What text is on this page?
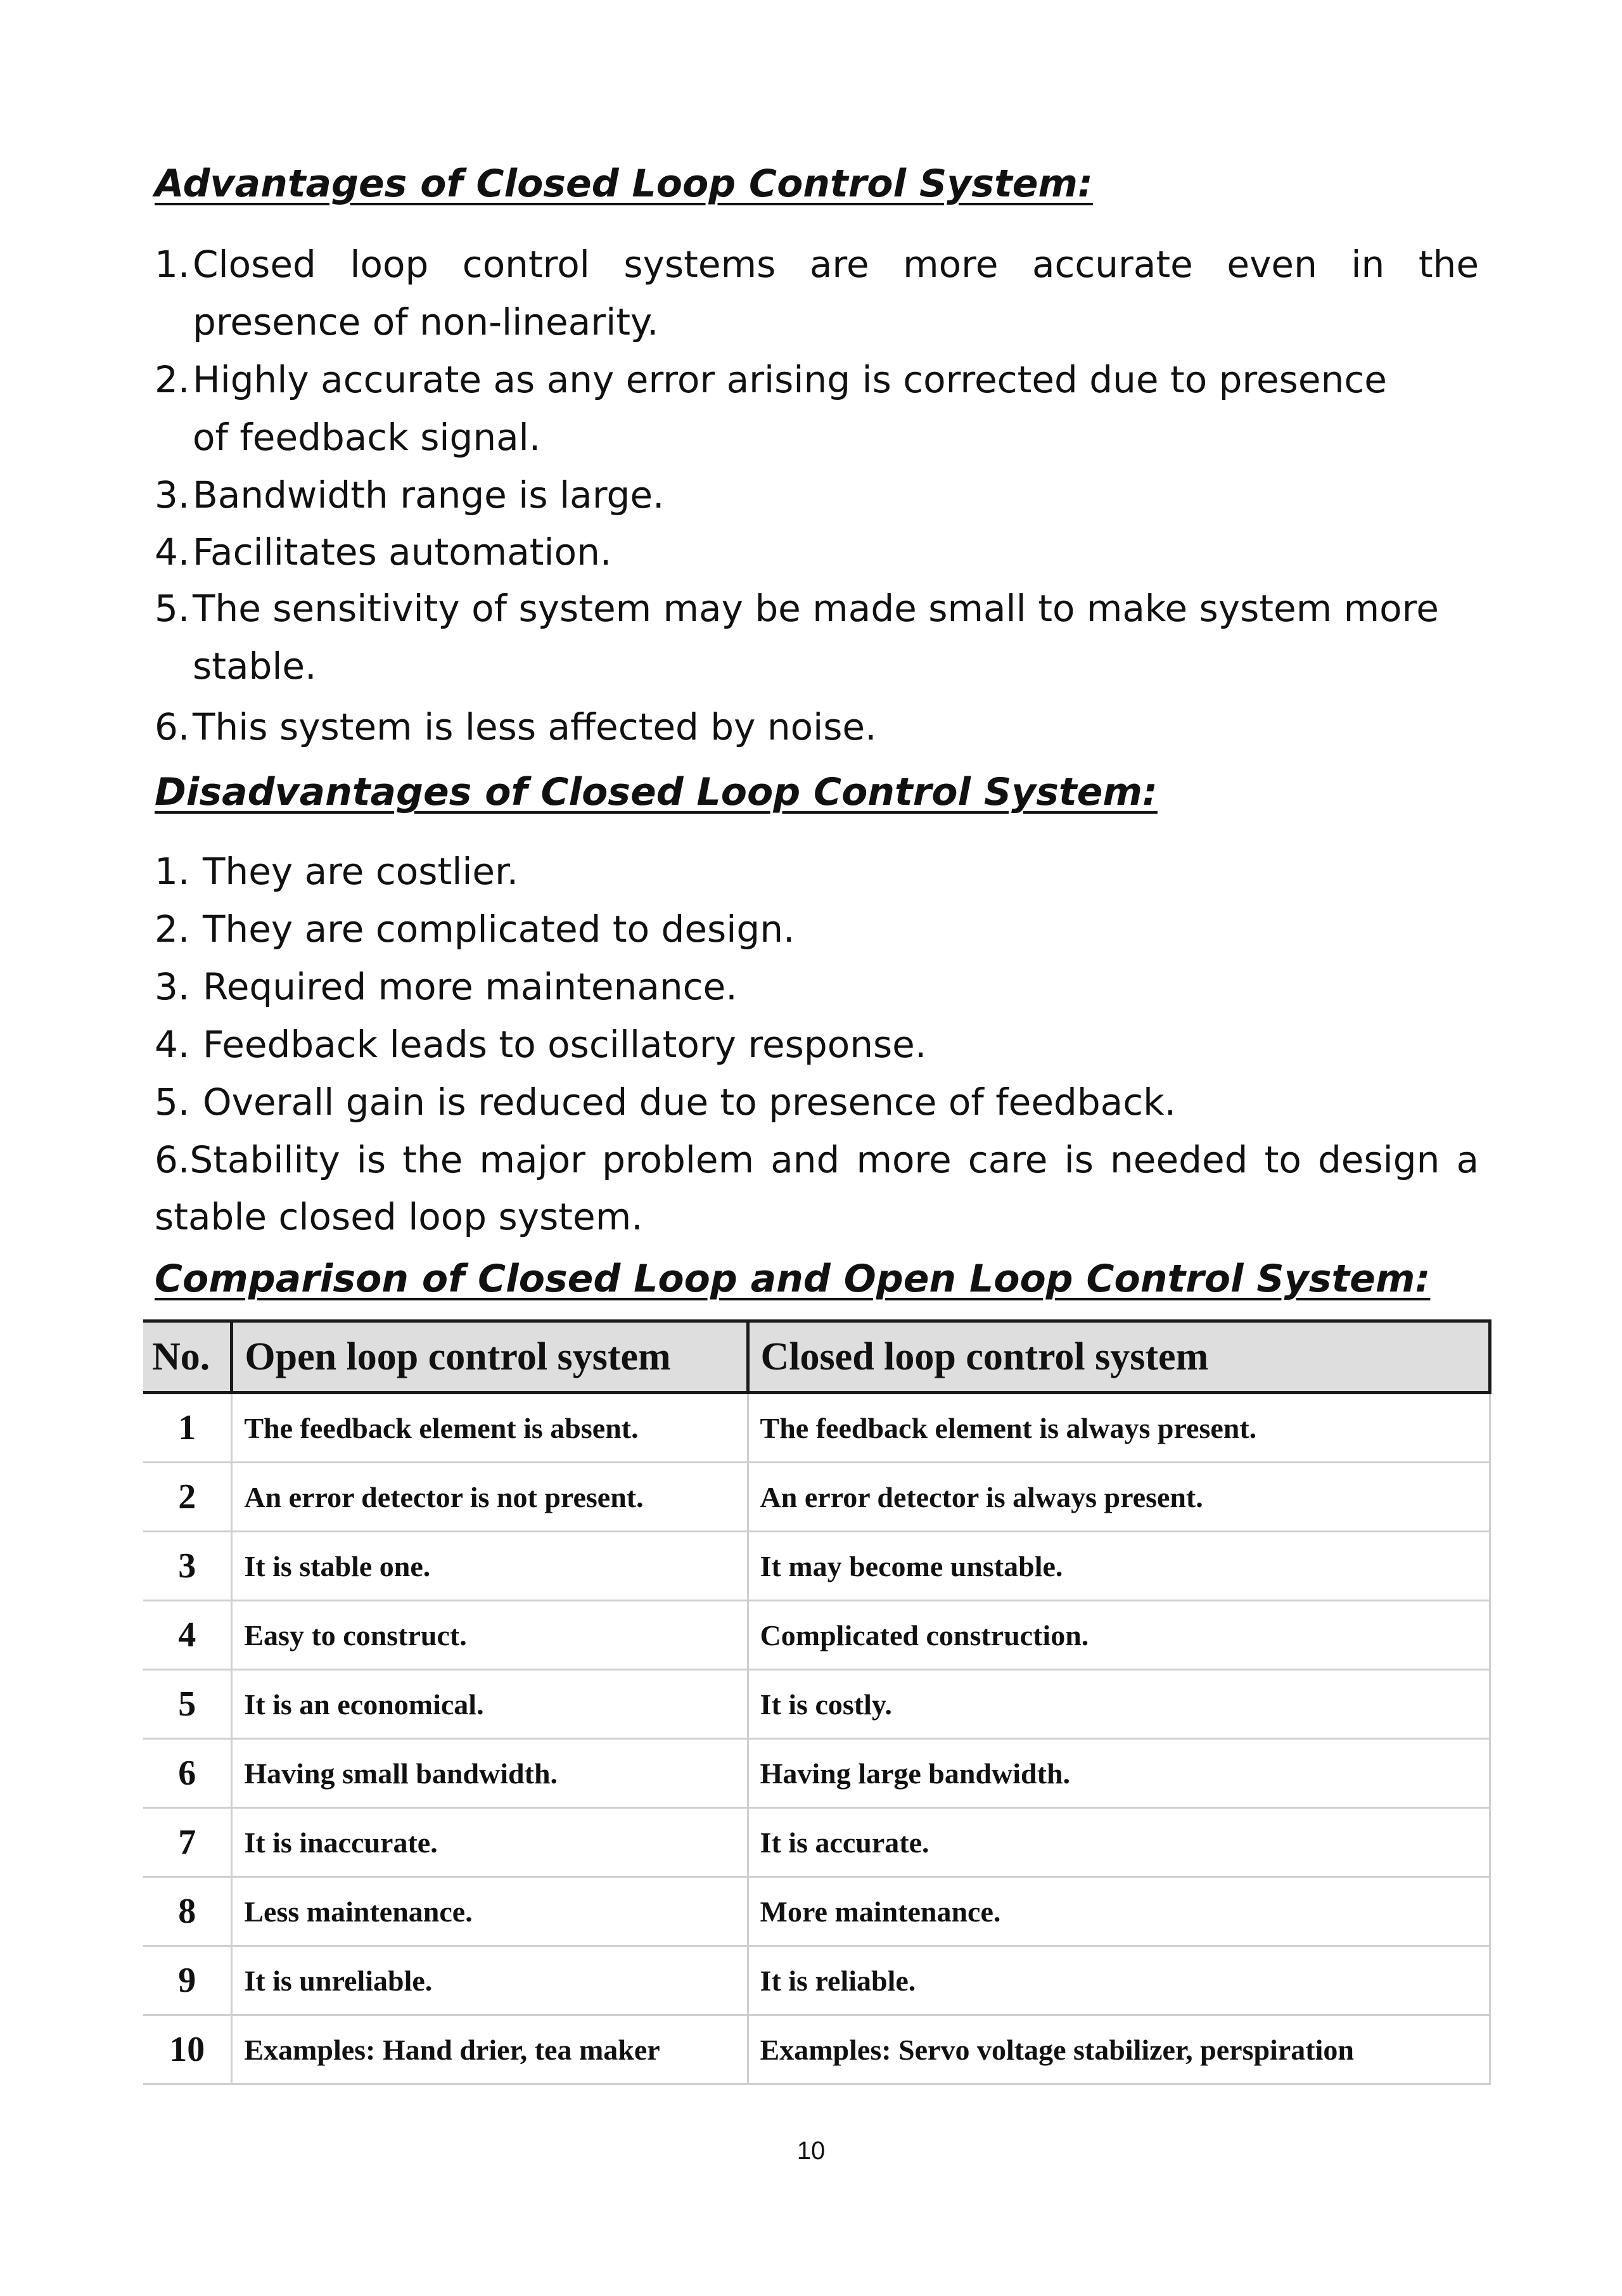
Advantages of Closed Loop Control System:
1. Closed loop control systems are more accurate even in the
presence of non-linearity.
2. Highly accurate as any error arising is corrected due to presence
of feedback signal.
3. Bandwidth range is large.
4. Facilitates automation.
5. The sensitivity of system may be made small to make system more
stable.
6. This system is less affected by noise.
Disadvantages of Closed Loop Control System:
1. They are costlier.
2. They are complicated to design.
3. Required more maintenance.
4. Feedback leads to oscillatory response.
5. Overall gain is reduced due to presence of feedback.
6.Stability is the major problem and more care is needed to design a stable closed loop system.
Comparison of Closed Loop and Open Loop Control System:
No.	Open loop control system	Closed loop control system
1	The feedback element is absent.	The feedback element is always present.
2	An error detector is not present.	An error detector is always present.
3	It is stable one.	It may become unstable.
4	Easy to construct.	Complicated construction.
5	It is an economical.	It is costly.
6	Having small bandwidth.	Having large bandwidth.
7	It is inaccurate.	It is accurate.
8	Less maintenance.	More maintenance.
9	It is unreliable.	It is reliable.
10	Examples: Hand drier, tea maker	Examples: Servo voltage stabilizer, perspiration
10
